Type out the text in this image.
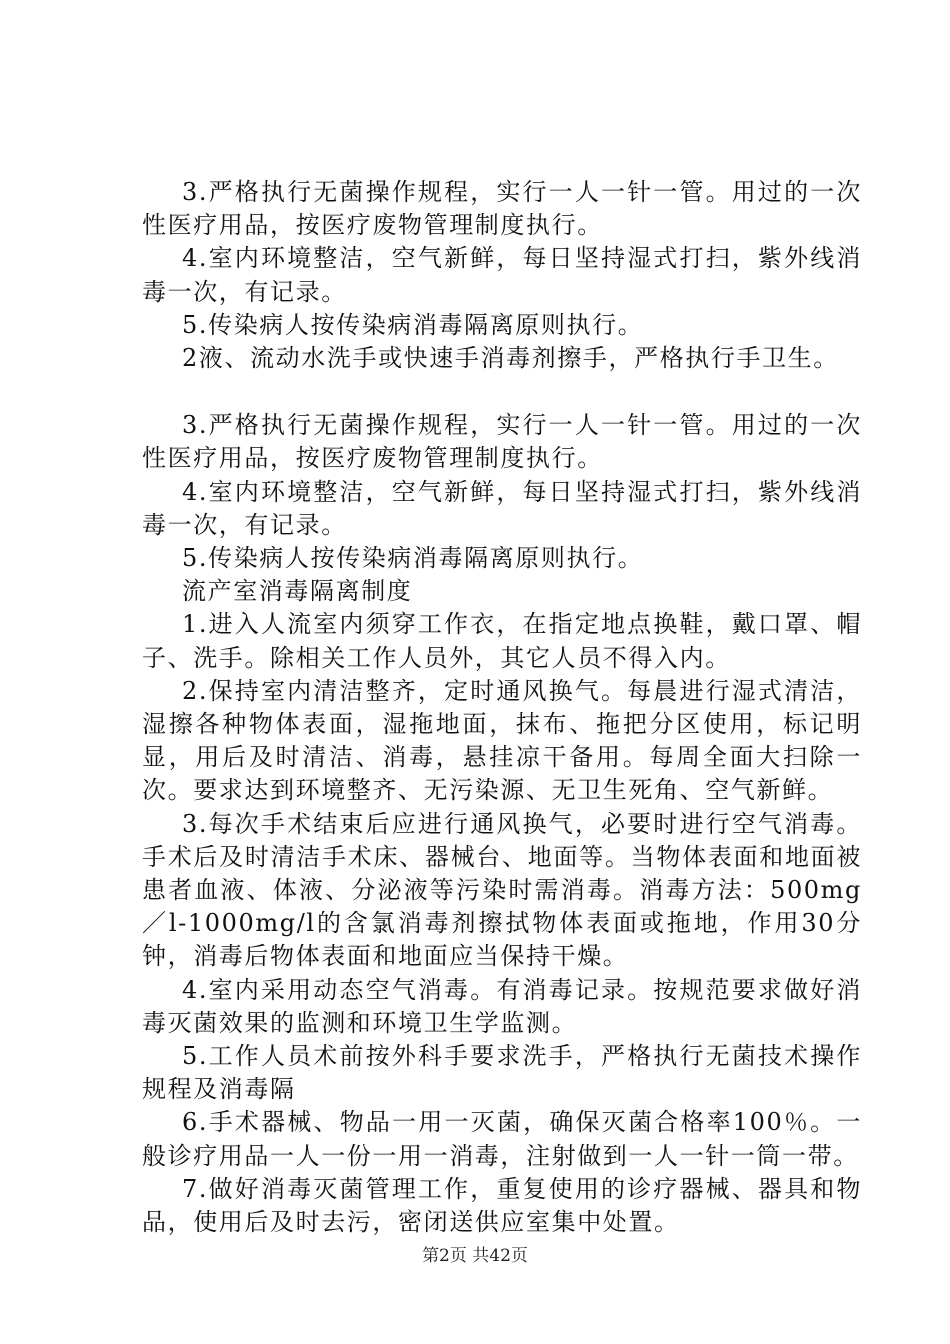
3.严格执行无菌操作规程，实行一人一针一管。用过的一次性医疗用品，按医疗废物管理制度执行。

4.室内环境整洁，空气新鲜，每日坚持湿式打扫，紫外线消毒一次，有记录。

5.传染病人按传染病消毒隔离原则执行。

2液、流动水洗手或快速手消毒剂擦手，严格执行手卫生。

3.严格执行无菌操作规程，实行一人一针一管。用过的一次性医疗用品，按医疗废物管理制度执行。

4.室内环境整洁，空气新鲜，每日坚持湿式打扫，紫外线消毒一次，有记录。

5.传染病人按传染病消毒隔离原则执行。

流产室消毒隔离制度

1.进入人流室内须穿工作衣，在指定地点换鞋，戴口罩、帽子、洗手。除相关工作人员外，其它人员不得入内。

2.保持室内清洁整齐，定时通风换气。每晨进行湿式清洁，湿擦各种物体表面，湿拖地面，抹布、拖把分区使用，标记明显，用后及时清洁、消毒，悬挂凉干备用。每周全面大扫除一次。要求达到环境整齐、无污染源、无卫生死角、空气新鲜。

3.每次手术结束后应进行通风换气，必要时进行空气消毒。手术后及时清洁手术床、器械台、地面等。当物体表面和地面被患者血液、体液、分泌液等污染时需消毒。消毒方法：500mg／l-1000mg/l的含氯消毒剂擦拭物体表面或拖地，作用30分钟，消毒后物体表面和地面应当保持干燥。

4.室内采用动态空气消毒。有消毒记录。按规范要求做好消毒灭菌效果的监测和环境卫生学监测。

5.工作人员术前按外科手要求洗手，严格执行无菌技术操作规程及消毒隔

6.手术器械、物品一用一灭菌，确保灭菌合格率100％。一般诊疗用品一人一份一用一消毒，注射做到一人一针一筒一带。

7.做好消毒灭菌管理工作，重复使用的诊疗器械、器具和物品，使用后及时去污，密闭送供应室集中处置。

第2页 共42页
